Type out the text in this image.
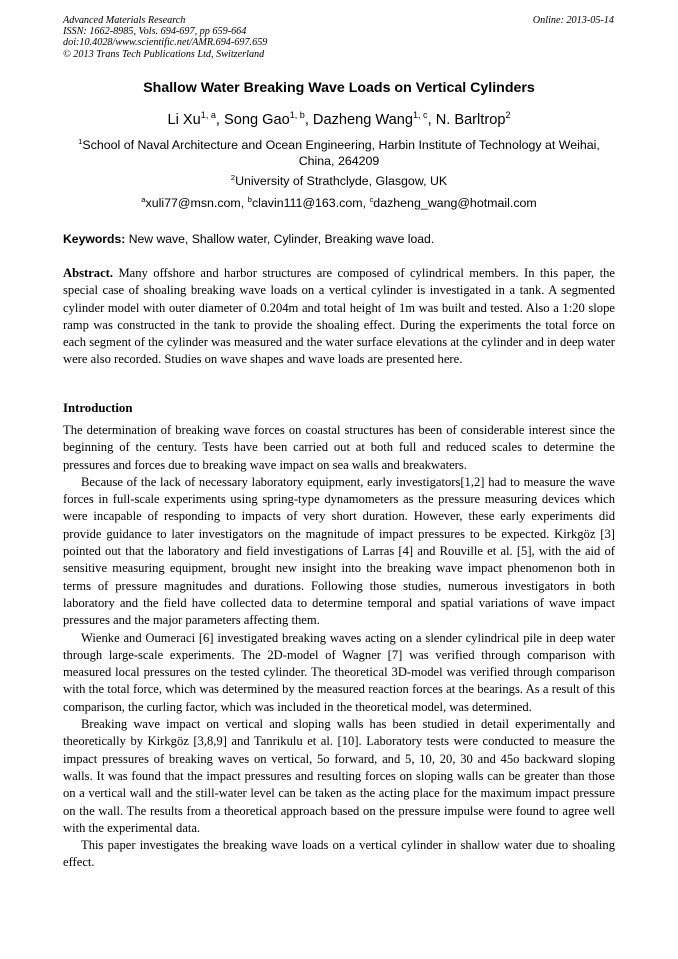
Advanced Materials Research
ISSN: 1662-8985, Vols. 694-697, pp 659-664
doi:10.4028/www.scientific.net/AMR.694-697.659
© 2013 Trans Tech Publications Ltd, Switzerland
Online: 2013-05-14
Shallow Water Breaking Wave Loads on Vertical Cylinders
Li Xu$^{1, a}$, Song Gao$^{1, b}$, Dazheng Wang$^{1, c}$, N. Barltrop$^2$
$^1$School of Naval Architecture and Ocean Engineering, Harbin Institute of Technology at Weihai, China, 264209
$^2$University of Strathclyde, Glasgow, UK
$^a$xuli77@msn.com, $^b$clavin111@163.com, $^c$dazheng_wang@hotmail.com
Keywords: New wave, Shallow water, Cylinder, Breaking wave load.

Abstract. Many offshore and harbor structures are composed of cylindrical members. In this paper, the special case of shoaling breaking wave loads on a vertical cylinder is investigated in a tank. A segmented cylinder model with outer diameter of 0.204m and total height of 1m was built and tested. Also a 1:20 slope ramp was constructed in the tank to provide the shoaling effect. During the experiments the total force on each segment of the cylinder was measured and the water surface elevations at the cylinder and in deep water were also recorded. Studies on wave shapes and wave loads are presented here.

Introduction

The determination of breaking wave forces on coastal structures has been of considerable interest since the beginning of the century. Tests have been carried out at both full and reduced scales to determine the pressures and forces due to breaking wave impact on sea walls and breakwaters.

Because of the lack of necessary laboratory equipment, early investigators[1,2] had to measure the wave forces in full-scale experiments using spring-type dynamometers as the pressure measuring devices which were incapable of responding to impacts of very short duration. However, these early experiments did provide guidance to later investigators on the magnitude of impact pressures to be expected. Kirkgöz [3] pointed out that the laboratory and field investigations of Larras [4] and Rouville et al. [5], with the aid of sensitive measuring equipment, brought new insight into the breaking wave impact phenomenon both in terms of pressure magnitudes and durations. Following those studies, numerous investigators in both laboratory and the field have collected data to determine temporal and spatial variations of wave impact pressures and the major parameters affecting them.

Wienke and Oumeraci [6] investigated breaking waves acting on a slender cylindrical pile in deep water through large-scale experiments. The 2D-model of Wagner [7] was verified through comparison with measured local pressures on the tested cylinder. The theoretical 3D-model was verified through comparison with the total force, which was determined by the measured reaction forces at the bearings. As a result of this comparison, the curling factor, which was included in the theoretical model, was determined.

Breaking wave impact on vertical and sloping walls has been studied in detail experimentally and theoretically by Kirkgöz [3,8,9] and Tanrikulu et al. [10]. Laboratory tests were conducted to measure the impact pressures of breaking waves on vertical, 5o forward, and 5, 10, 20, 30 and 45o backward sloping walls. It was found that the impact pressures and resulting forces on sloping walls can be greater than those on a vertical wall and the still-water level can be taken as the acting place for the maximum impact pressure on the wall. The results from a theoretical approach based on the pressure impulse were found to agree well with the experimental data.

This paper investigates the breaking wave loads on a vertical cylinder in shallow water due to shoaling effect.
